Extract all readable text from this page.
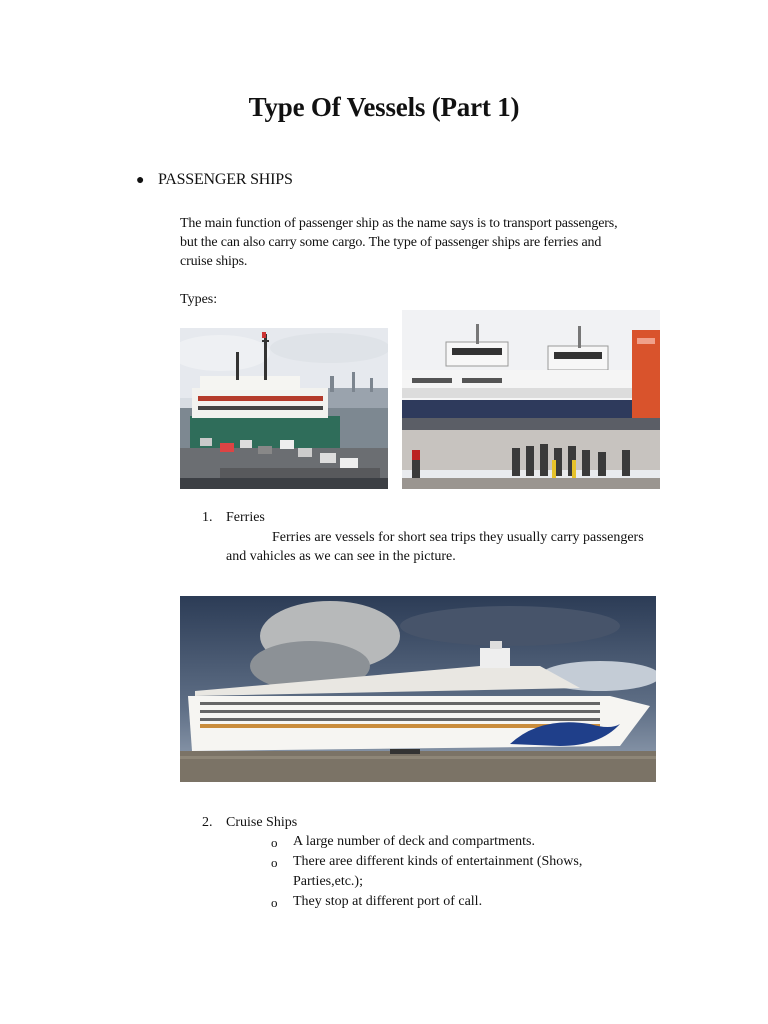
Type Of Vessels (Part 1)
● PASSENGER SHIPS

The main function of passenger ship as the name says is to transport passengers,

but the can also carry some cargo. The type of passenger ships are ferries and

cruise ships.

Types:
1. Ferries
Ferries are vessels for short sea trips they usually carry passengers
and vahicles as we can see in the picture.
2. Cruise Ships
o A large number of deck and compartments.
o There aree different kinds of entertainment (Shows,
Parties,etc.);
o They stop at different port of call.
